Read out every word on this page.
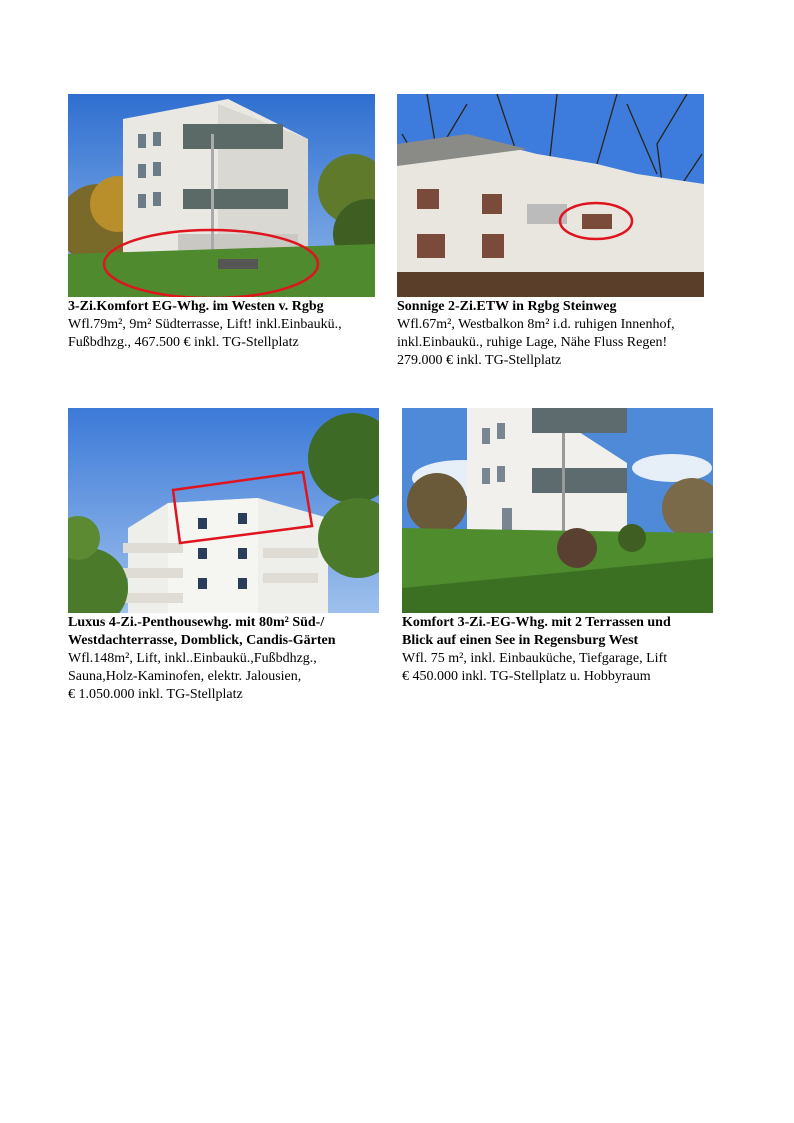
3-Zi.Komfort EG-Whg. im Westen v. Rgbg
Wfl.79m², 9m² Südterrasse, Lift! inkl.Einbaukü.,
Fußbdhzg., 467.500 € inkl. TG-Stellplatz
Sonnige 2-Zi.ETW in Rgbg Steinweg
Wfl.67m², Westbalkon 8m² i.d. ruhigen Innenhof,
inkl.Einbaukü., ruhige Lage, Nähe Fluss Regen!
279.000 € inkl. TG-Stellplatz
Luxus 4-Zi.-Penthousewhg. mit 80m² Süd-/
Westdachterrasse, Domblick, Candis-Gärten
Wfl.148m², Lift, inkl..Einbaukü.,Fußbdhzg.,
Sauna,Holz-Kaminofen, elektr. Jalousien,
€ 1.050.000 inkl. TG-Stellplatz
Komfort 3-Zi.-EG-Whg. mit 2 Terrassen und
Blick auf einen See in Regensburg West
Wfl. 75 m², inkl. Einbauküche, Tiefgarage, Lift
€ 450.000 inkl. TG-Stellplatz u. Hobbyraum
